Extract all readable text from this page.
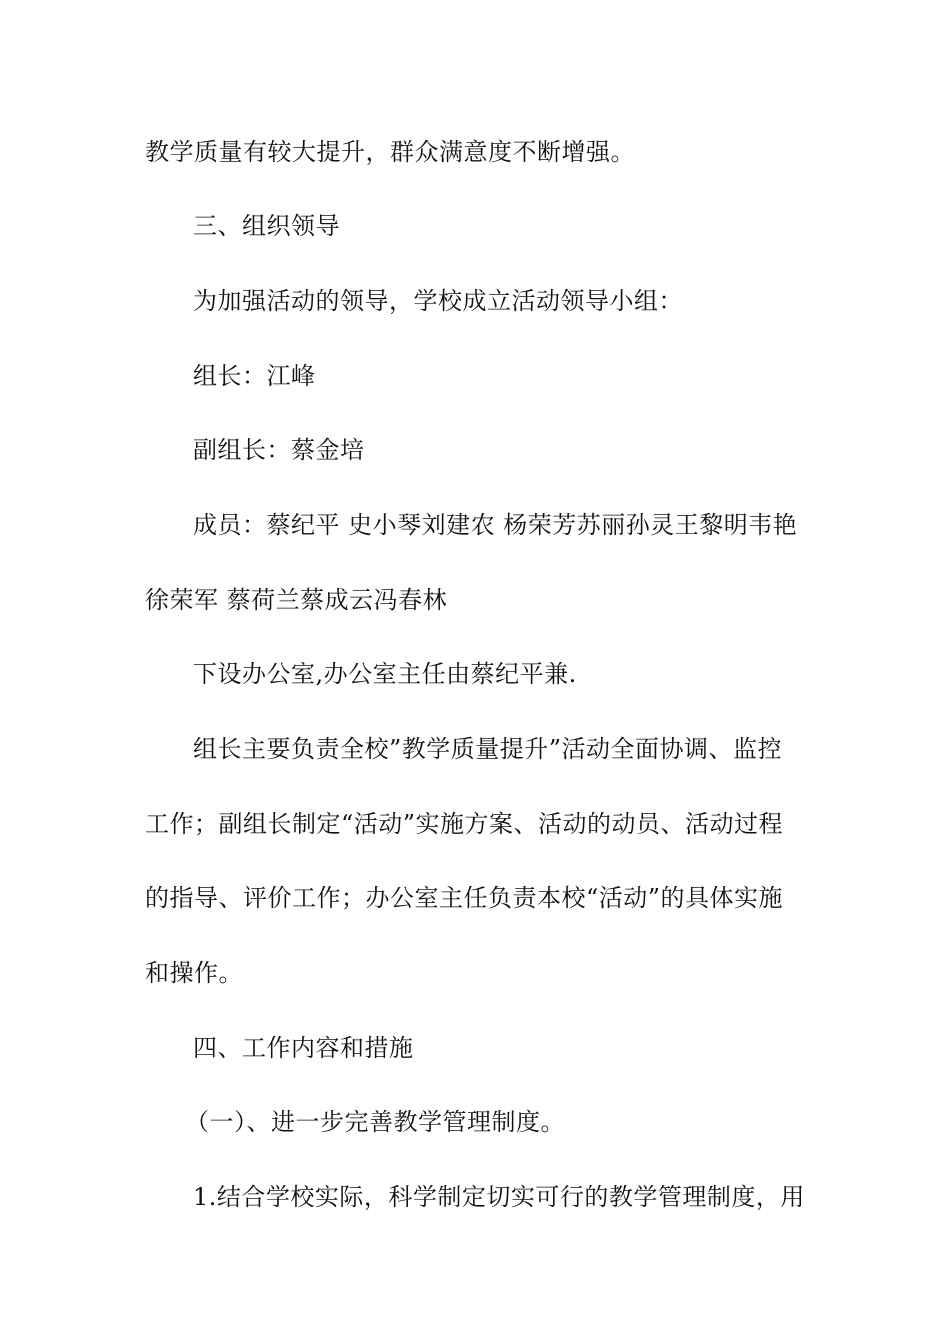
教学质量有较大提升，群众满意度不断增强。
三、组织领导
为加强活动的领导，学校成立活动领导小组：
组长：江峰
副组长：蔡金培
成员：蔡纪平 史小琴刘建农 杨荣芳苏丽孙灵王黎明韦艳
徐荣军 蔡荷兰蔡成云冯春林
下设办公室,办公室主任由蔡纪平兼.
组长主要负责全校”教学质量提升”活动全面协调、监控
工作；副组长制定“活动”实施方案、活动的动员、活动过程
的指导、评价工作；办公室主任负责本校“活动”的具体实施
和操作。
四、工作内容和措施
（一）、进一步完善教学管理制度。
1.结合学校实际，科学制定切实可行的教学管理制度，用
